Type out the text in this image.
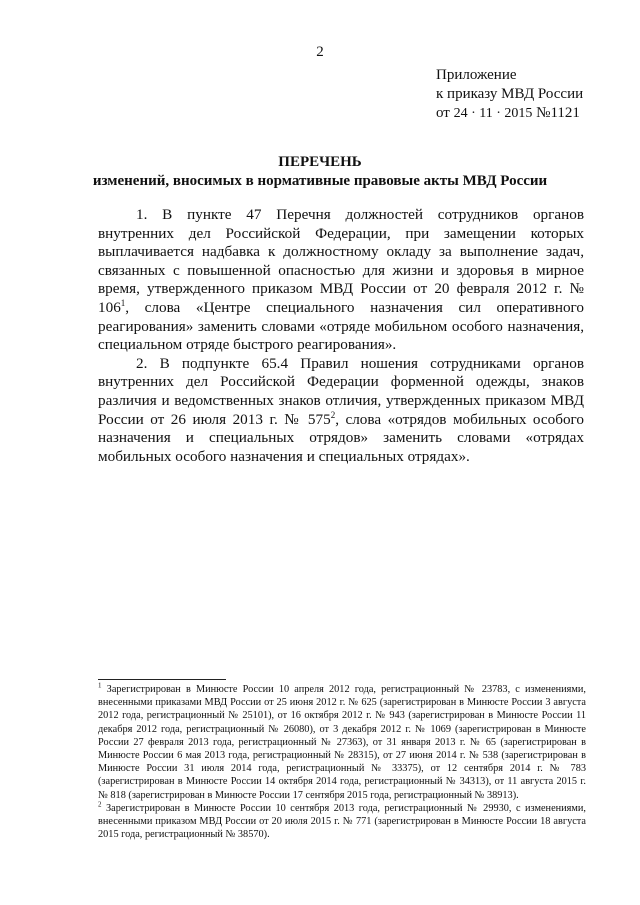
2
Приложение
к приказу МВД России
от 24 · 11 · 2015 №1121
ПЕРЕЧЕНЬ
изменений, вносимых в нормативные правовые акты МВД России

1. В пункте 47 Перечня должностей сотрудников органов внутренних дел Российской Федерации, при замещении которых выплачивается надбавка к должностному окладу за выполнение задач, связанных с повышенной опасностью для жизни и здоровья в мирное время, утвержденного приказом МВД России от 20 февраля 2012 г. № $106^1$, слова «Центре специального назначения сил оперативного реагирования» заменить словами «отряде мобильном особого назначения, специальном отряде быстрого реагирования».

2. В подпункте 65.4 Правил ношения сотрудниками органов внутренних дел Российской Федерации форменной одежды, знаков различия и ведомственных знаков отличия, утвержденных приказом МВД России от 26 июля 2013 г. № $575^2$, слова «отрядов мобильных особого назначения и специальных отрядов» заменить словами «отрядах мобильных особого назначения и специальных отрядах».

$^1$ Зарегистрирован в Минюсте России 10 апреля 2012 года, регистрационный № 23783, с изменениями, внесенными приказами МВД России от 25 июня 2012 г. № 625 (зарегистрирован в Минюсте России 3 августа 2012 года, регистрационный № 25101), от 16 октября 2012 г. № 943 (зарегистрирован в Минюсте России 11 декабря 2012 года, регистрационный № 26080), от 3 декабря 2012 г. № 1069 (зарегистрирован в Минюсте России 27 февраля 2013 года, регистрационный № 27363), от 31 января 2013 г. № 65 (зарегистрирован в Минюсте России 6 мая 2013 года, регистрационный № 28315), от 27 июня 2014 г. № 538 (зарегистрирован в Минюсте России 31 июля 2014 года, регистрационный № 33375), от 12 сентября 2014 г. № 783 (зарегистрирован в Минюсте России 14 октября 2014 года, регистрационный № 34313), от 11 августа 2015 г. № 818 (зарегистрирован в Минюсте России 17 сентября 2015 года, регистрационный № 38913).

$^2$ Зарегистрирован в Минюсте России 10 сентября 2013 года, регистрационный № 29930, с изменениями, внесенными приказом МВД России от 20 июля 2015 г. № 771 (зарегистрирован в Минюсте России 18 августа 2015 года, регистрационный № 38570).
